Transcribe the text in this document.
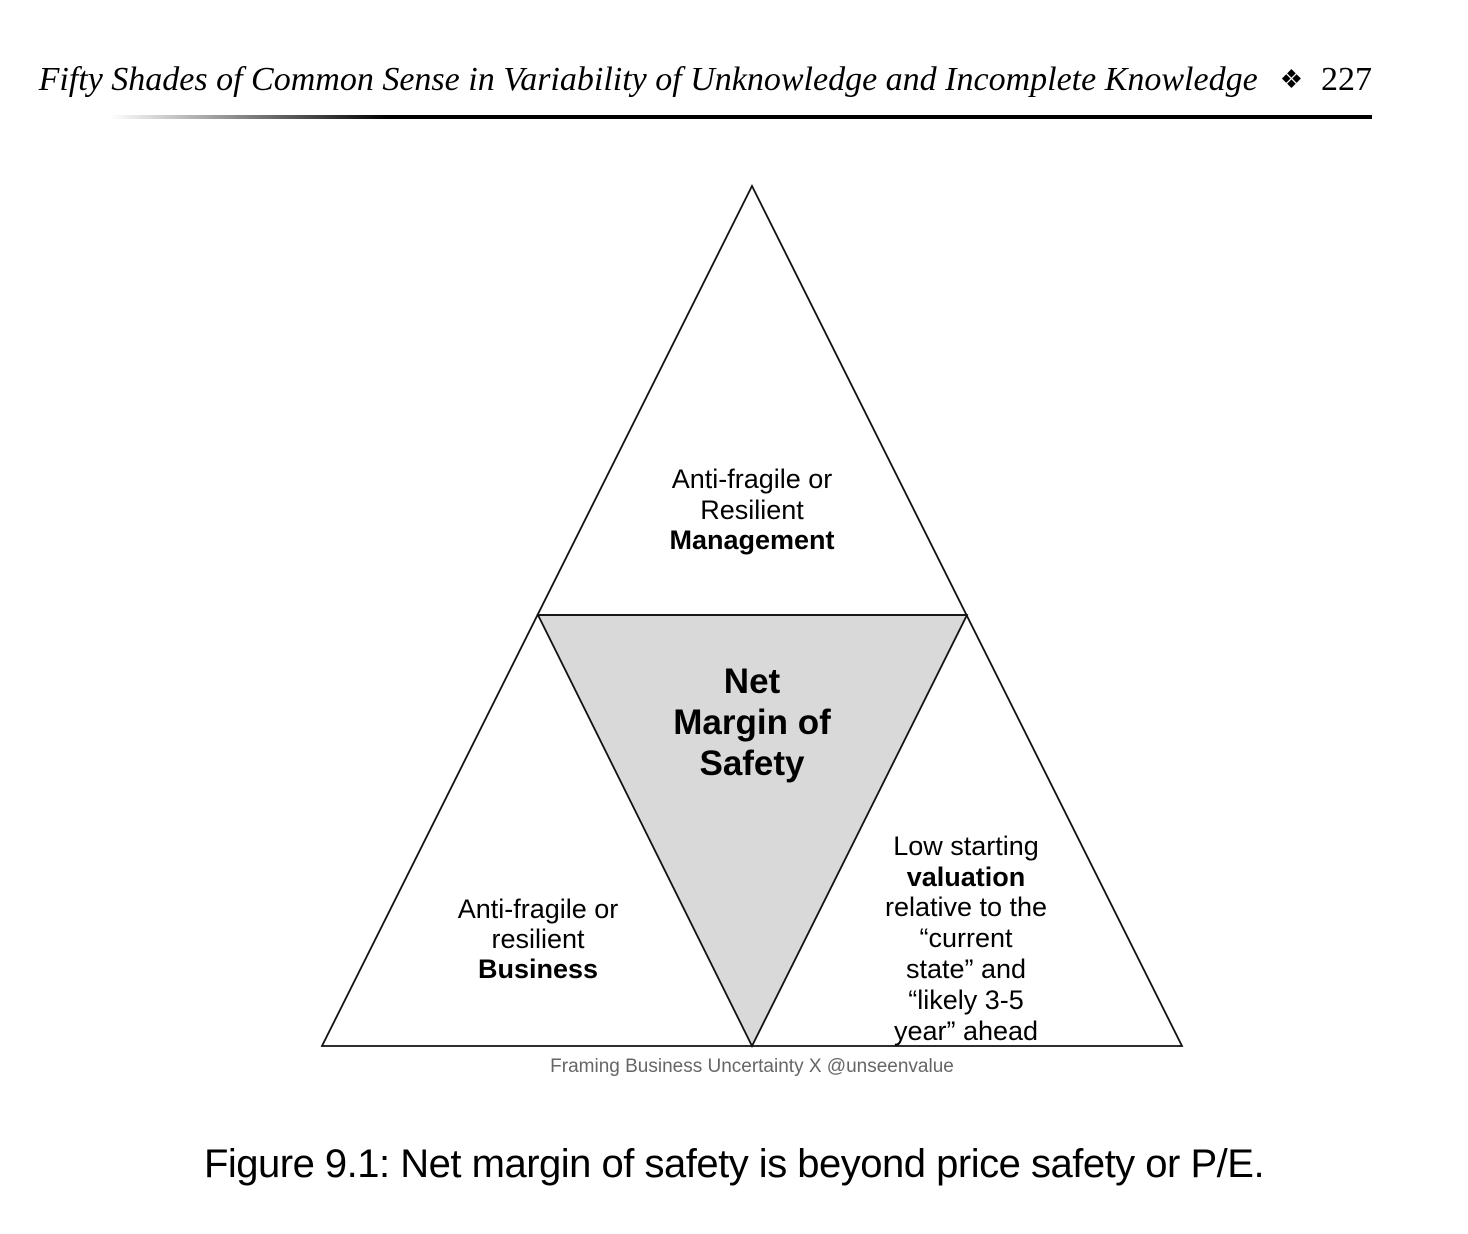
Fifty Shades of Common Sense in Variability of Unknowledge and Incomplete Knowledge ❖ 227
Anti-fragile or
Resilient
Management
Net
Margin of
Safety
Anti-fragile or
resilient
Business
Low starting
valuation
relative to the
“current
state” and
“likely 3-5
year” ahead
Framing Business Uncertainty X @unseenvalue
Figure 9.1: Net margin of safety is beyond price safety or P/E.
